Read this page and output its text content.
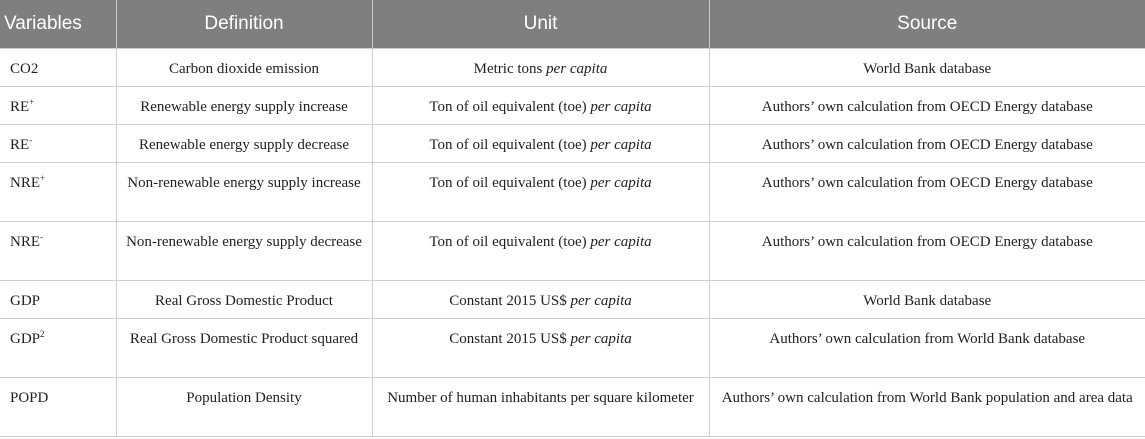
Variables	Definition	Unit	Source
CO2	Carbon dioxide emission	Metric tons per capita	World Bank database
RE+	Renewable energy supply increase	Ton of oil equivalent (toe) per capita	Authors’ own calculation from OECD Energy database
RE-	Renewable energy supply decrease	Ton of oil equivalent (toe) per capita	Authors’ own calculation from OECD Energy database
NRE+	Non-renewable energy supply increase	Ton of oil equivalent (toe) per capita	Authors’ own calculation from OECD Energy database
NRE-	Non-renewable energy supply decrease	Ton of oil equivalent (toe) per capita	Authors’ own calculation from OECD Energy database
GDP	Real Gross Domestic Product	Constant 2015 US$ per capita	World Bank database
GDP$^2$	Real Gross Domestic Product squared	Constant 2015 US$ per capita	Authors’ own calculation from World Bank database
POPD	Population Density	Number of human inhabitants per square kilometer	Authors’ own calculation from World Bank population and area data
